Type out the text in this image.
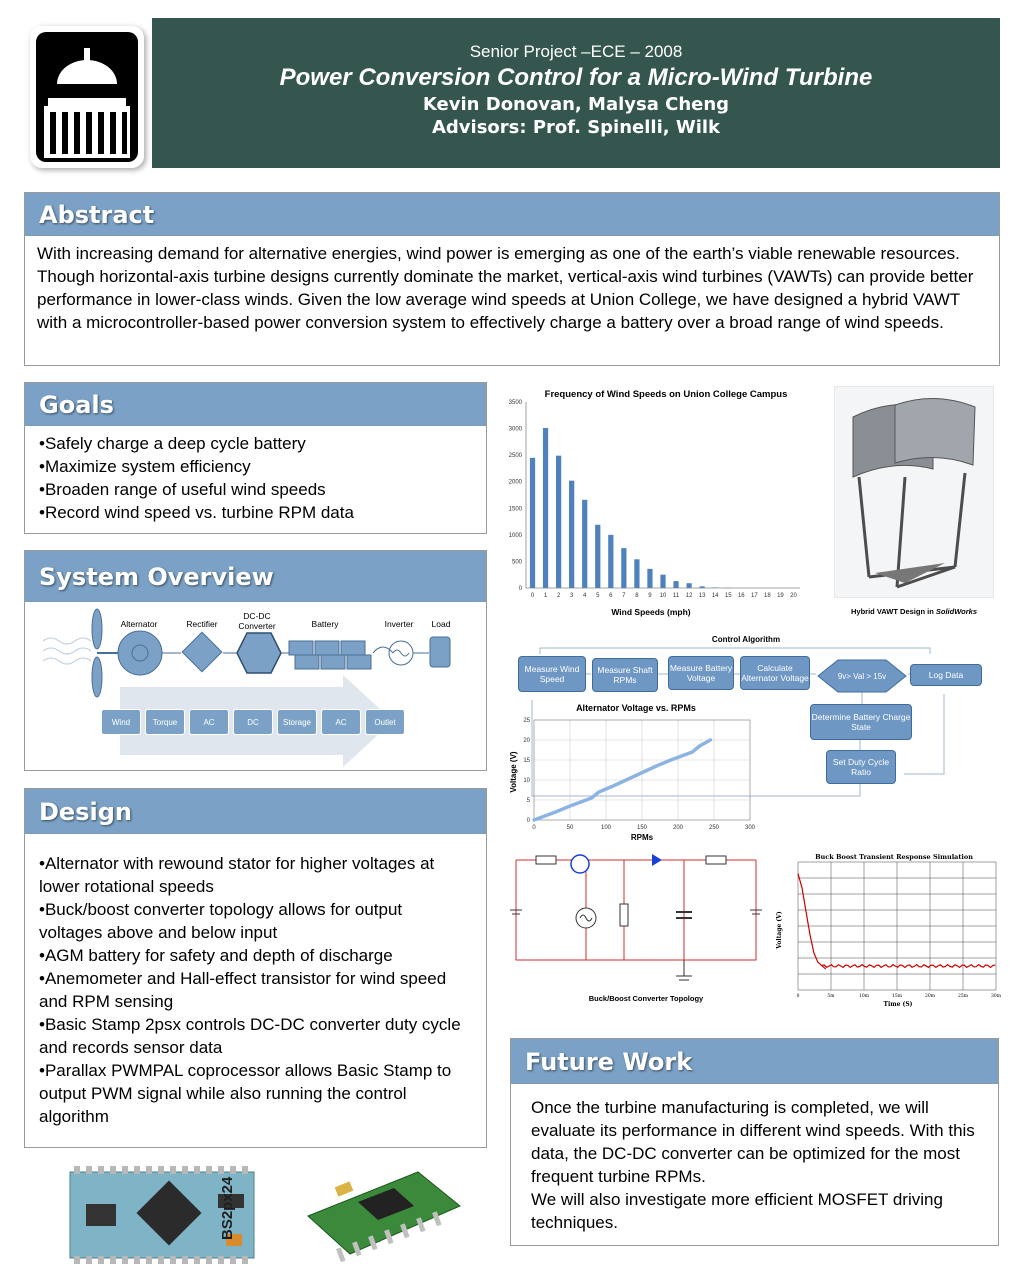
Senior Project –ECE – 2008
Power Conversion Control for a Micro-Wind Turbine
Kevin Donovan, Malysa Cheng
Advisors: Prof. Spinelli, Wilk
Abstract
With increasing demand for alternative energies, wind power is emerging as one of the earth’s viable renewable resources. Though horizontal-axis turbine designs currently dominate the market, vertical-axis wind turbines (VAWTs) can provide better performance in lower-class winds. Given the low average wind speeds at Union College, we have designed a hybrid VAWT with a microcontroller-based power conversion system to effectively charge a battery over a broad range of wind speeds.
Goals
•Safely charge a deep cycle battery
•Maximize system efficiency
•Broaden range of useful wind speeds
•Record wind speed vs. turbine RPM data
System Overview
Alternator	Rectifier
DC-DC Converter	Battery	Inverter Load
Wind	Torque	AC	DC	Storage	AC	Outlet
Design
•Alternator with rewound stator for higher voltages at lower rotational speeds
•Buck/boost converter topology allows for output voltages above and below input
•AGM battery for safety and depth of discharge
•Anemometer and Hall-effect transistor for wind speed and RPM sensing
•Basic Stamp 2psx controls DC-DC converter duty cycle and records sensor data
•Parallax PWMPAL coprocessor allows Basic Stamp to output PWM signal while also running the control algorithm
BS2px24
Frequency of Wind Speeds on Union College Campus
Wind Speeds (mph)
0
500
1000
1500
2000
2500
3000
3500
0 1 2 3 4 5 6 7 8 9 10 11 12 13 14 15 16 17 18 19 20
Hybrid VAWT Design in SolidWorks
Control Algorithm
Measure Wind Speed
Measure Shaft RPMs
Measure Battery Voltage
Calculate Alternator Voltage	9v> Val > 15v	Log Data
Determine Battery Charge State
Set Duty Cycle Ratio
Alternator Voltage vs. RPMs
RPMs
Voltage (V)
0
5
10
15
20
25
0	50	100	150	200	250	300
Buck/Boost Converter Topology
Buck Boost Transient Response Simulation
Time (S)
Voltage (V)
0	5m	10m	15m	20m	25m	30m
Future Work
Once the turbine manufacturing is completed, we will evaluate its performance in different wind speeds. With this data, the DC-DC converter can be optimized for the most frequent turbine RPMs.
We will also investigate more efficient MOSFET driving techniques.
